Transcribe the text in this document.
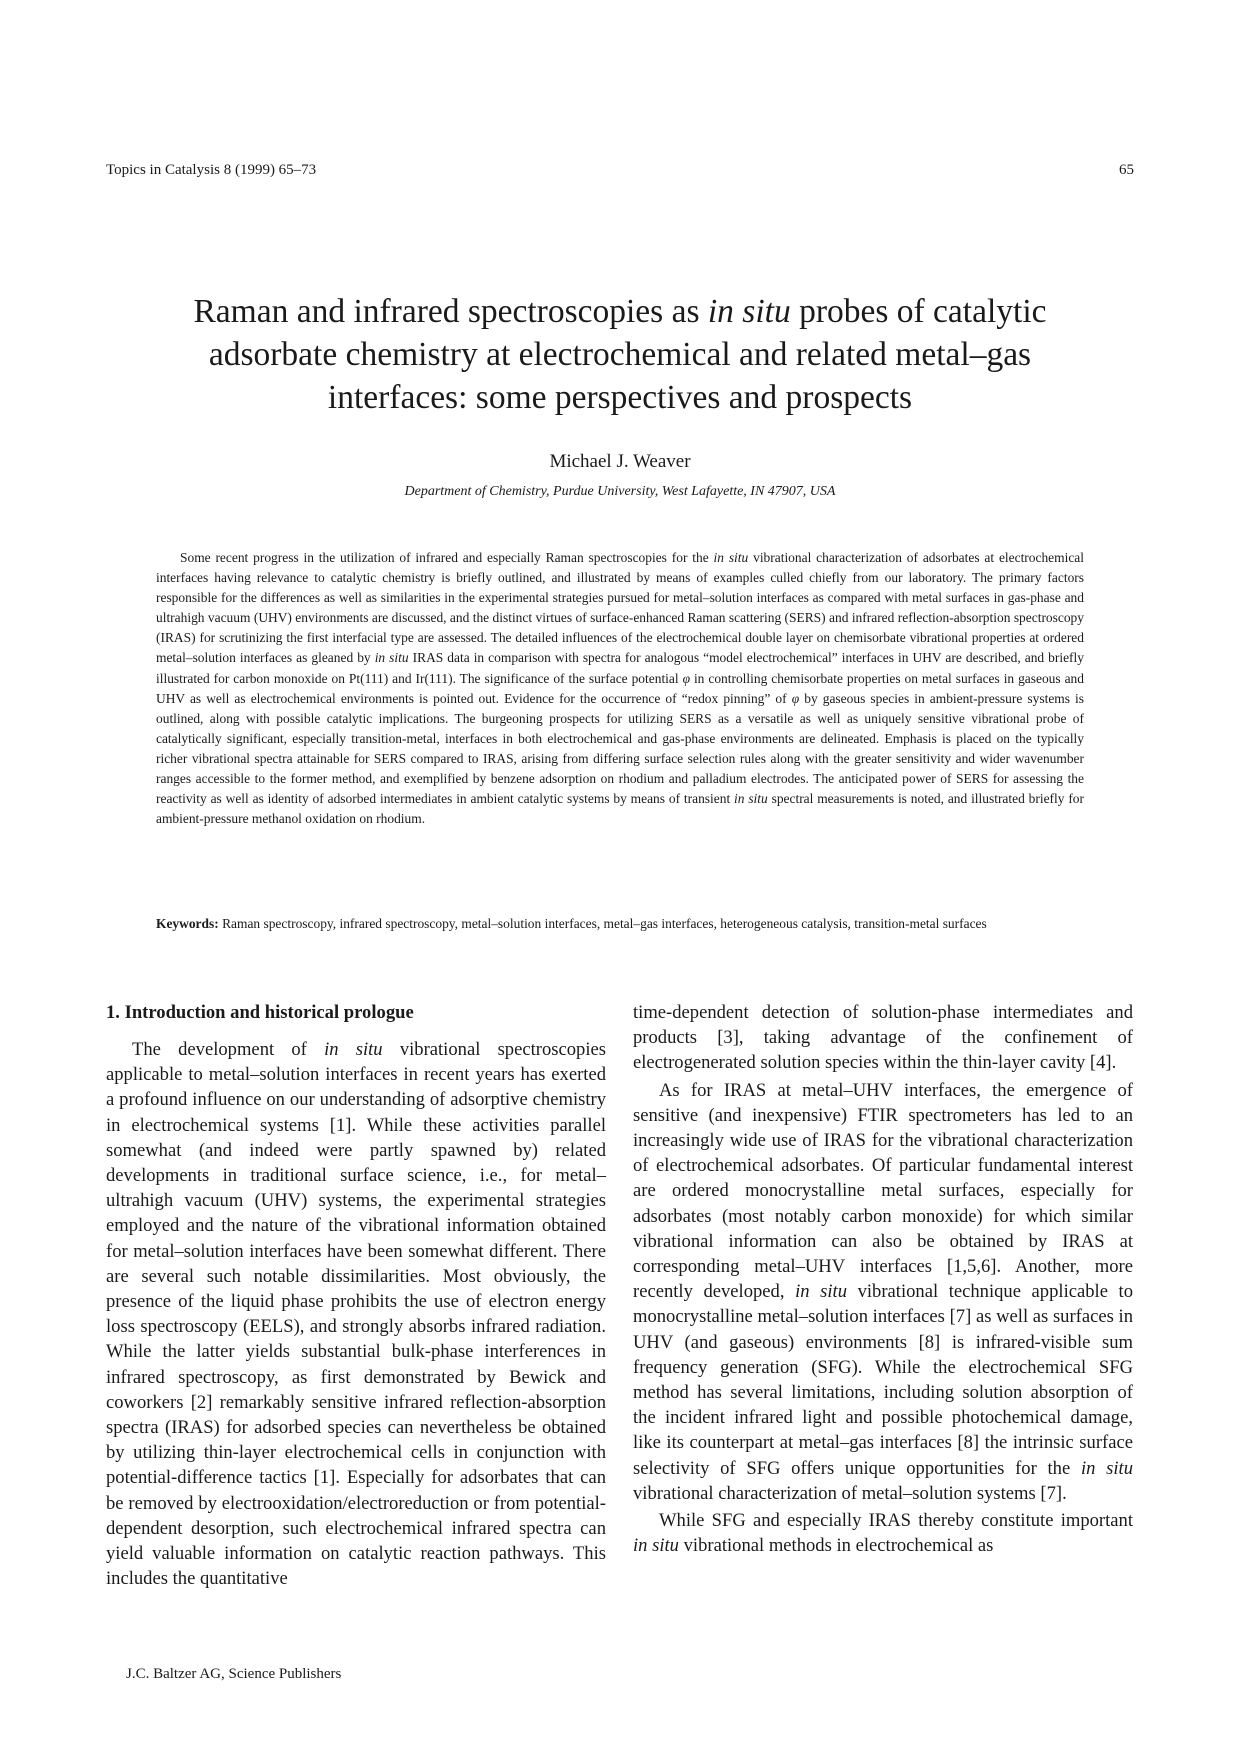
Topics in Catalysis 8 (1999) 65–73	65
Raman and infrared spectroscopies as in situ probes of catalytic
adsorbate chemistry at electrochemical and related metal–gas
interfaces: some perspectives and prospects
Michael J. Weaver
Department of Chemistry, Purdue University, West Lafayette, IN 47907, USA
Some recent progress in the utilization of infrared and especially Raman spectroscopies for the in situ vibrational characterization of adsorbates at electrochemical interfaces having relevance to catalytic chemistry is briefly outlined, and illustrated by means of examples culled chiefly from our laboratory. The primary factors responsible for the differences as well as similarities in the experimental strategies pursued for metal–solution interfaces as compared with metal surfaces in gas-phase and ultrahigh vacuum (UHV) environments are discussed, and the distinct virtues of surface-enhanced Raman scattering (SERS) and infrared reflection-absorption spectroscopy (IRAS) for scrutinizing the first interfacial type are assessed. The detailed influences of the electrochemical double layer on chemisorbate vibrational properties at ordered metal–solution interfaces as gleaned by in situ IRAS data in comparison with spectra for analogous “model electrochemical” interfaces in UHV are described, and briefly illustrated for carbon monoxide on Pt(111) and Ir(111). The significance of the surface potential φ in controlling chemisorbate properties on metal surfaces in gaseous and UHV as well as electrochemical environments is pointed out. Evidence for the occurrence of “redox pinning” of φ by gaseous species in ambient-pressure systems is outlined, along with possible catalytic implications. The burgeoning prospects for utilizing SERS as a versatile as well as uniquely sensitive vibrational probe of catalytically significant, especially transition-metal, interfaces in both electrochemical and gas-phase environments are delineated. Emphasis is placed on the typically richer vibrational spectra attainable for SERS compared to IRAS, arising from differing surface selection rules along with the greater sensitivity and wider wavenumber ranges accessible to the former method, and exemplified by benzene adsorption on rhodium and palladium electrodes. The anticipated power of SERS for assessing the reactivity as well as identity of adsorbed intermediates in ambient catalytic systems by means of transient in situ spectral measurements is noted, and illustrated briefly for ambient-pressure methanol oxidation on rhodium.
Keywords: Raman spectroscopy, infrared spectroscopy, metal–solution interfaces, metal–gas interfaces, heterogeneous catalysis, transition-metal surfaces
1. Introduction and historical prologue

The development of in situ vibrational spectroscopies applicable to metal–solution interfaces in recent years has exerted a profound influence on our understanding of adsorptive chemistry in electrochemical systems [1]. While these activities parallel somewhat (and indeed were partly spawned by) related developments in traditional surface science, i.e., for metal–ultrahigh vacuum (UHV) systems, the experimental strategies employed and the nature of the vibrational information obtained for metal–solution interfaces have been somewhat different. There are several such notable dissimilarities. Most obviously, the presence of the liquid phase prohibits the use of electron energy loss spectroscopy (EELS), and strongly absorbs infrared radiation. While the latter yields substantial bulk-phase interferences in infrared spectroscopy, as first demonstrated by Bewick and coworkers [2] remarkably sensitive infrared reflection-absorption spectra (IRAS) for adsorbed species can nevertheless be obtained by utilizing thin-layer electrochemical cells in conjunction with potential-difference tactics [1]. Especially for adsorbates that can be removed by electrooxidation/electroreduction or from potential-dependent desorption, such electrochemical infrared spectra can yield valuable information on catalytic reaction pathways. This includes the quantitative

time-dependent detection of solution-phase intermediates and products [3], taking advantage of the confinement of electrogenerated solution species within the thin-layer cavity [4].

As for IRAS at metal–UHV interfaces, the emergence of sensitive (and inexpensive) FTIR spectrometers has led to an increasingly wide use of IRAS for the vibrational characterization of electrochemical adsorbates. Of particular fundamental interest are ordered monocrystalline metal surfaces, especially for adsorbates (most notably carbon monoxide) for which similar vibrational information can also be obtained by IRAS at corresponding metal–UHV interfaces [1,5,6]. Another, more recently developed, in situ vibrational technique applicable to monocrystalline metal–solution interfaces [7] as well as surfaces in UHV (and gaseous) environments [8] is infrared-visible sum frequency generation (SFG). While the electrochemical SFG method has several limitations, including solution absorption of the incident infrared light and possible photochemical damage, like its counterpart at metal–gas interfaces [8] the intrinsic surface selectivity of SFG offers unique opportunities for the in situ vibrational characterization of metal–solution systems [7].

While SFG and especially IRAS thereby constitute important in situ vibrational methods in electrochemical as

J.C. Baltzer AG, Science Publishers
